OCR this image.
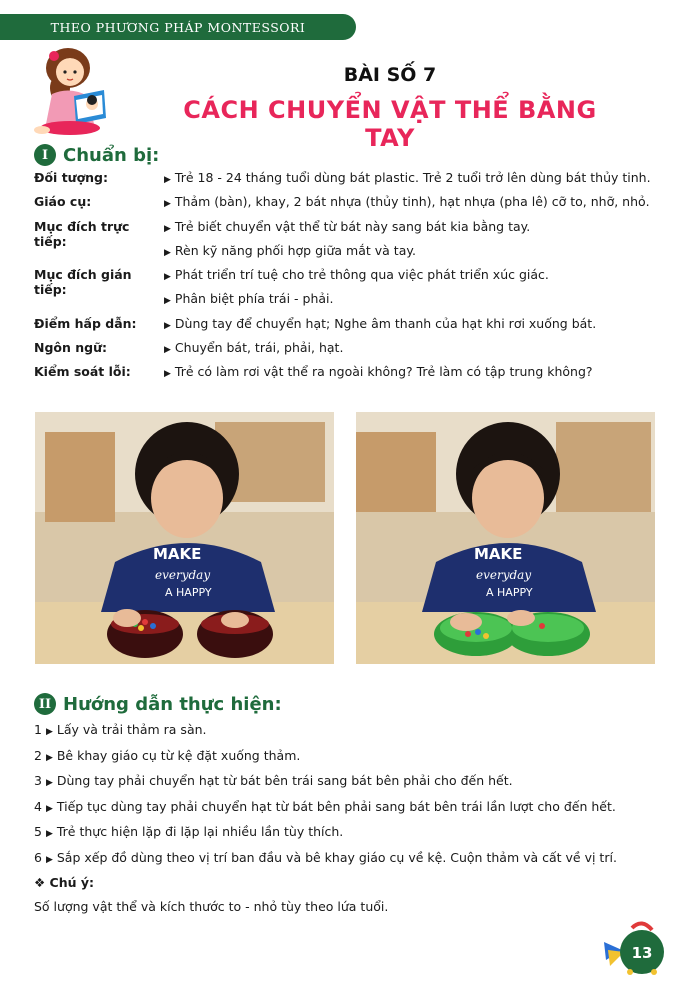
THEO PHƯƠNG PHÁP MONTESSORI
BÀI SỐ 7
CÁCH CHUYỂN VẬT THỂ BẰNG TAY
I Chuẩn bị:
Đối tượng:	▶ Trẻ 18 - 24 tháng tuổi dùng bát plastic. Trẻ 2 tuổi trở lên dùng bát thủy tinh.
Giáo cụ:	▶ Thảm (bàn), khay, 2 bát nhựa (thủy tinh), hạt nhựa (pha lê) cỡ to, nhỡ, nhỏ.
Mục đích trực tiếp:
▶ Trẻ biết chuyển vật thể từ bát này sang bát kia bằng tay.
▶ Rèn kỹ năng phối hợp giữa mắt và tay.
Mục đích gián tiếp:
▶ Phát triển trí tuệ cho trẻ thông qua việc phát triển xúc giác.
▶ Phân biệt phía trái - phải.
Điểm hấp dẫn:	▶ Dùng tay để chuyển hạt; Nghe âm thanh của hạt khi rơi xuống bát.
Ngôn ngữ:	▶ Chuyển bát, trái, phải, hạt.
Kiểm soát lỗi:	▶ Trẻ có làm rơi vật thể ra ngoài không? Trẻ làm có tập trung không?
MAKE
everyday
A HAPPY
MAKE
everyday
A HAPPY
II Hướng dẫn thực hiện:
1 ▶ Lấy và trải thảm ra sàn.
2 ▶ Bê khay giáo cụ từ kệ đặt xuống thảm.
3 ▶ Dùng tay phải chuyển hạt từ bát bên trái sang bát bên phải cho đến hết.
4 ▶ Tiếp tục dùng tay phải chuyển hạt từ bát bên phải sang bát bên trái lần lượt cho đến hết.
5 ▶ Trẻ thực hiện lặp đi lặp lại nhiều lần tùy thích.
6 ▶ Sắp xếp đồ dùng theo vị trí ban đầu và bê khay giáo cụ về kệ. Cuộn thảm và cất về vị trí.
❖ Chú ý:
Số lượng vật thể và kích thước to - nhỏ tùy theo lứa tuổi.
13
